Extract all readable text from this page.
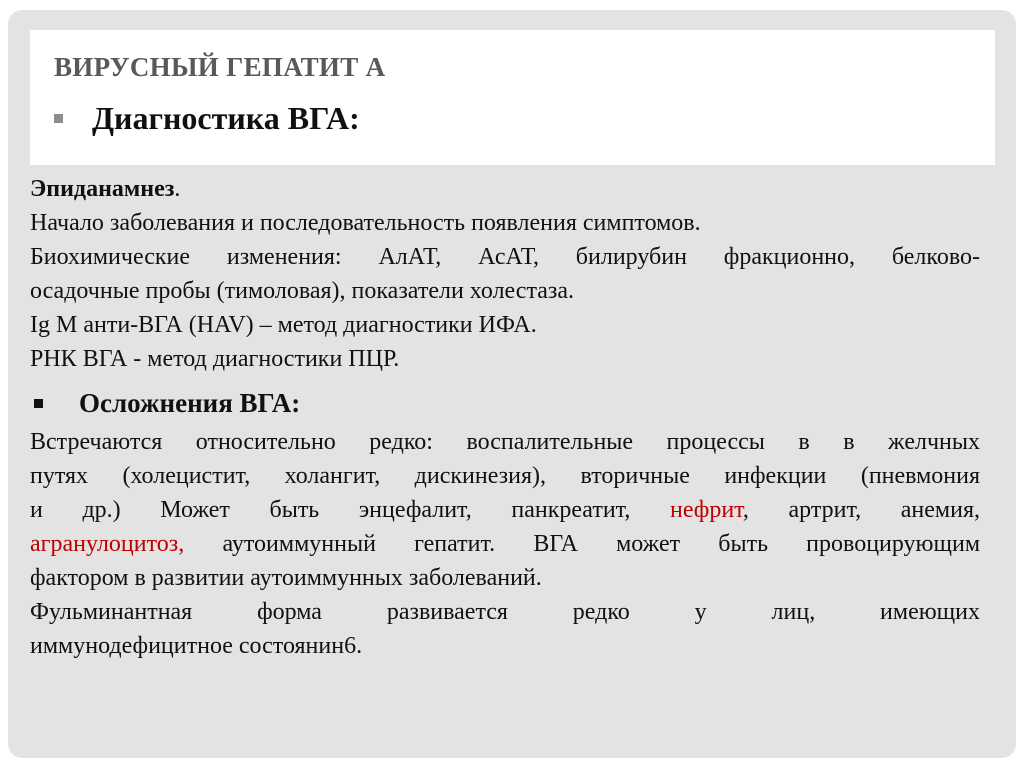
ВИРУСНЫЙ ГЕПАТИТ А
Диагностика ВГА:
Эпиданамнез.
Начало заболевания и последовательность появления симптомов.
Биохимические изменения: АлАТ, АсАТ, билирубин фракционно, белково-
осадочные пробы (тимоловая), показатели холестаза.
Ig M анти-ВГА (HAV) – метод диагностики ИФА.
РНК ВГА - метод диагностики ПЦР.
Осложнения ВГА:
Встречаются относительно редко: воспалительные процессы в в желчных
путях (холецистит, холангит, дискинезия), вторичные инфекции (пневмония
и др.) Может быть энцефалит, панкреатит, нефрит, артрит, анемия,
агранулоцитоз, аутоиммунный гепатит. ВГА может быть провоцирующим
фактором в развитии аутоиммунных заболеваний.
Фульминантная форма развивается редко у лиц, имеющих
иммунодефицитное состоянин6.
